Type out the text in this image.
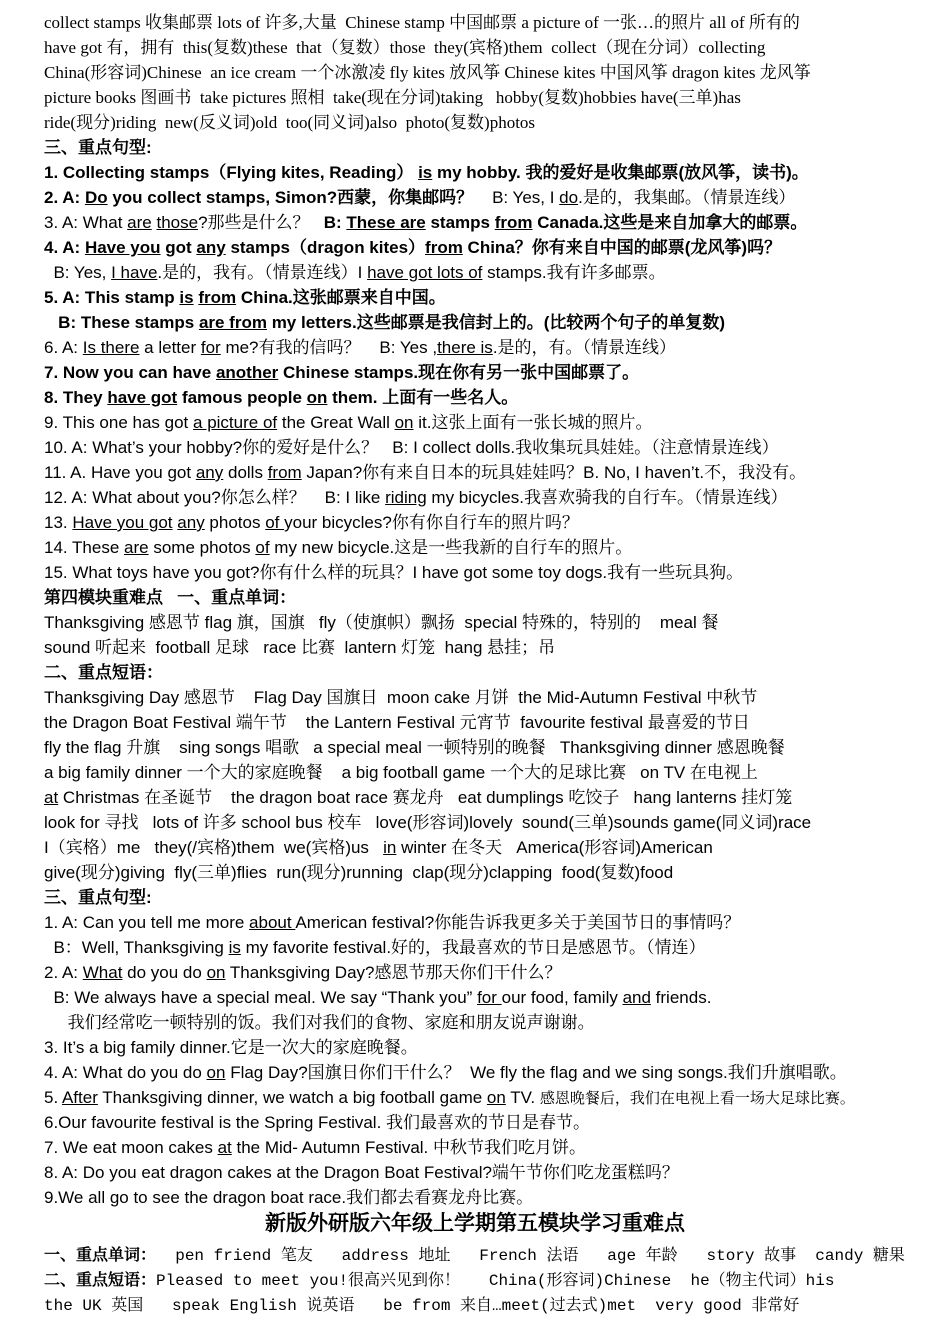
collect stamps 收集邮票 lots of 许多,大量  Chinese stamp 中国邮票 a picture of 一张…的照片 all of 所有的
have got 有，拥有  this(复数)these  that（复数）those  they(宾格)them  collect（现在分词）collecting
China(形容词)Chinese  an ice cream 一个冰激凌 fly kites 放风筝 Chinese kites 中国风筝 dragon kites 龙风筝
picture books 图画书  take pictures 照相  take(现在分词)taking   hobby(复数)hobbies have(三单)has
ride(现分)riding  new(反义词)old  too(同义词)also  photo(复数)photos
三、重点句型:
1. Collecting stamps（Flying kites, Reading） is my hobby. 我的爱好是收集邮票(放风筝，读书)。
2. A: Do you collect stamps, Simon?西蒙，你集邮吗？    B: Yes, I do.是的，我集邮。（情景连线）
3. A: What are those?那些是什么？   B: These are stamps from Canada.这些是来自加拿大的邮票。
4. A: Have you got any stamps（dragon kites）from China？你有来自中国的邮票(龙风筝)吗？
B: Yes, I have.是的，我有。（情景连线）I have got lots of stamps.我有许多邮票。
5. A: This stamp is from China.这张邮票来自中国。
B: These stamps are from my letters.这些邮票是我信封上的。(比较两个句子的单复数)
6. A: Is there a letter for me?有我的信吗？    B: Yes ,there is.是的，有。（情景连线）
7. Now you can have another Chinese stamps.现在你有另一张中国邮票了。
8. They have got famous people on them. 上面有一些名人。
9. This one has got a picture of the Great Wall on it.这张上面有一张长城的照片。
10. A: What’s your hobby?你的爱好是什么？   B: I collect dolls.我收集玩具娃娃。（注意情景连线）
11. A. Have you got any dolls from Japan?你有来自日本的玩具娃娃吗？B. No, I haven’t.不，我没有。
12. A: What about you?你怎么样？    B: I like riding my bicycles.我喜欢骑我的自行车。（情景连线）
13. Have you got any photos of your bicycles?你有你自行车的照片吗？
14. These are some photos of my new bicycle.这是一些我新的自行车的照片。
15. What toys have you got?你有什么样的玩具？I have got some toy dogs.我有一些玩具狗。
第四模块重难点   一、重点单词：
Thanksgiving 感恩节 flag 旗，国旗   fly（使旗帜）飘扬  special 特殊的，特别的    meal 餐
sound 听起来  football 足球   race 比赛  lantern 灯笼  hang 悬挂；吊
二、重点短语：
Thanksgiving Day 感恩节    Flag Day 国旗日  moon cake 月饼  the Mid-Autumn Festival 中秋节
the Dragon Boat Festival 端午节    the Lantern Festival 元宵节  favourite festival 最喜爱的节日
fly the flag 升旗    sing songs 唱歌   a special meal 一顿特别的晚餐   Thanksgiving dinner 感恩晚餐
a big family dinner 一个大的家庭晚餐    a big football game 一个大的足球比赛   on TV 在电视上
at Christmas 在圣诞节    the dragon boat race 赛龙舟   eat dumplings 吃饺子   hang lanterns 挂灯笼
look for 寻找   lots of 许多 school bus 校车   love(形容词)lovely  sound(三单)sounds game(同义词)race
I（宾格）me   they(/宾格)them  we(宾格)us   in winter 在冬天   America(形容词)American
give(现分)giving  fly(三单)flies  run(现分)running  clap(现分)clapping  food(复数)food
三、重点句型:
1. A: Can you tell me more about American festival?你能告诉我更多关于美国节日的事情吗？
B：Well, Thanksgiving is my favorite festival.好的，我最喜欢的节日是感恩节。（情连）
2. A: What do you do on Thanksgiving Day?感恩节那天你们干什么？
B: We always have a special meal. We say “Thank you” for our food, family and friends.
我们经常吃一顿特别的饭。我们对我们的食物、家庭和朋友说声谢谢。
3. It’s a big family dinner.它是一次大的家庭晚餐。
4. A: What do you do on Flag Day?国旗日你们干什么？  We fly the flag and we sing songs.我们升旗唱歌。
5. After Thanksgiving dinner, we watch a big football game on TV. 感恩晚餐后，我们在电视上看一场大足球比赛。
6.Our favourite festival is the Spring Festival. 我们最喜欢的节日是春节。
7. We eat moon cakes at the Mid- Autumn Festival. 中秋节我们吃月饼。
8. A: Do you eat dragon cakes at the Dragon Boat Festival?端午节你们吃龙蛋糕吗？
9.We all go to see the dragon boat race.我们都去看赛龙舟比赛。
新版外研版六年级上学期第五模块学习重难点
一、重点单词：  pen friend 笔友   address 地址   French 法语   age 年龄   story 故事  candy 糖果
二、重点短语：Pleased to meet you!很高兴见到你！   China(形容词)Chinese  he（物主代词）his
the UK 英国   speak English 说英语   be from 来自…meet(过去式)met  very good 非常好
